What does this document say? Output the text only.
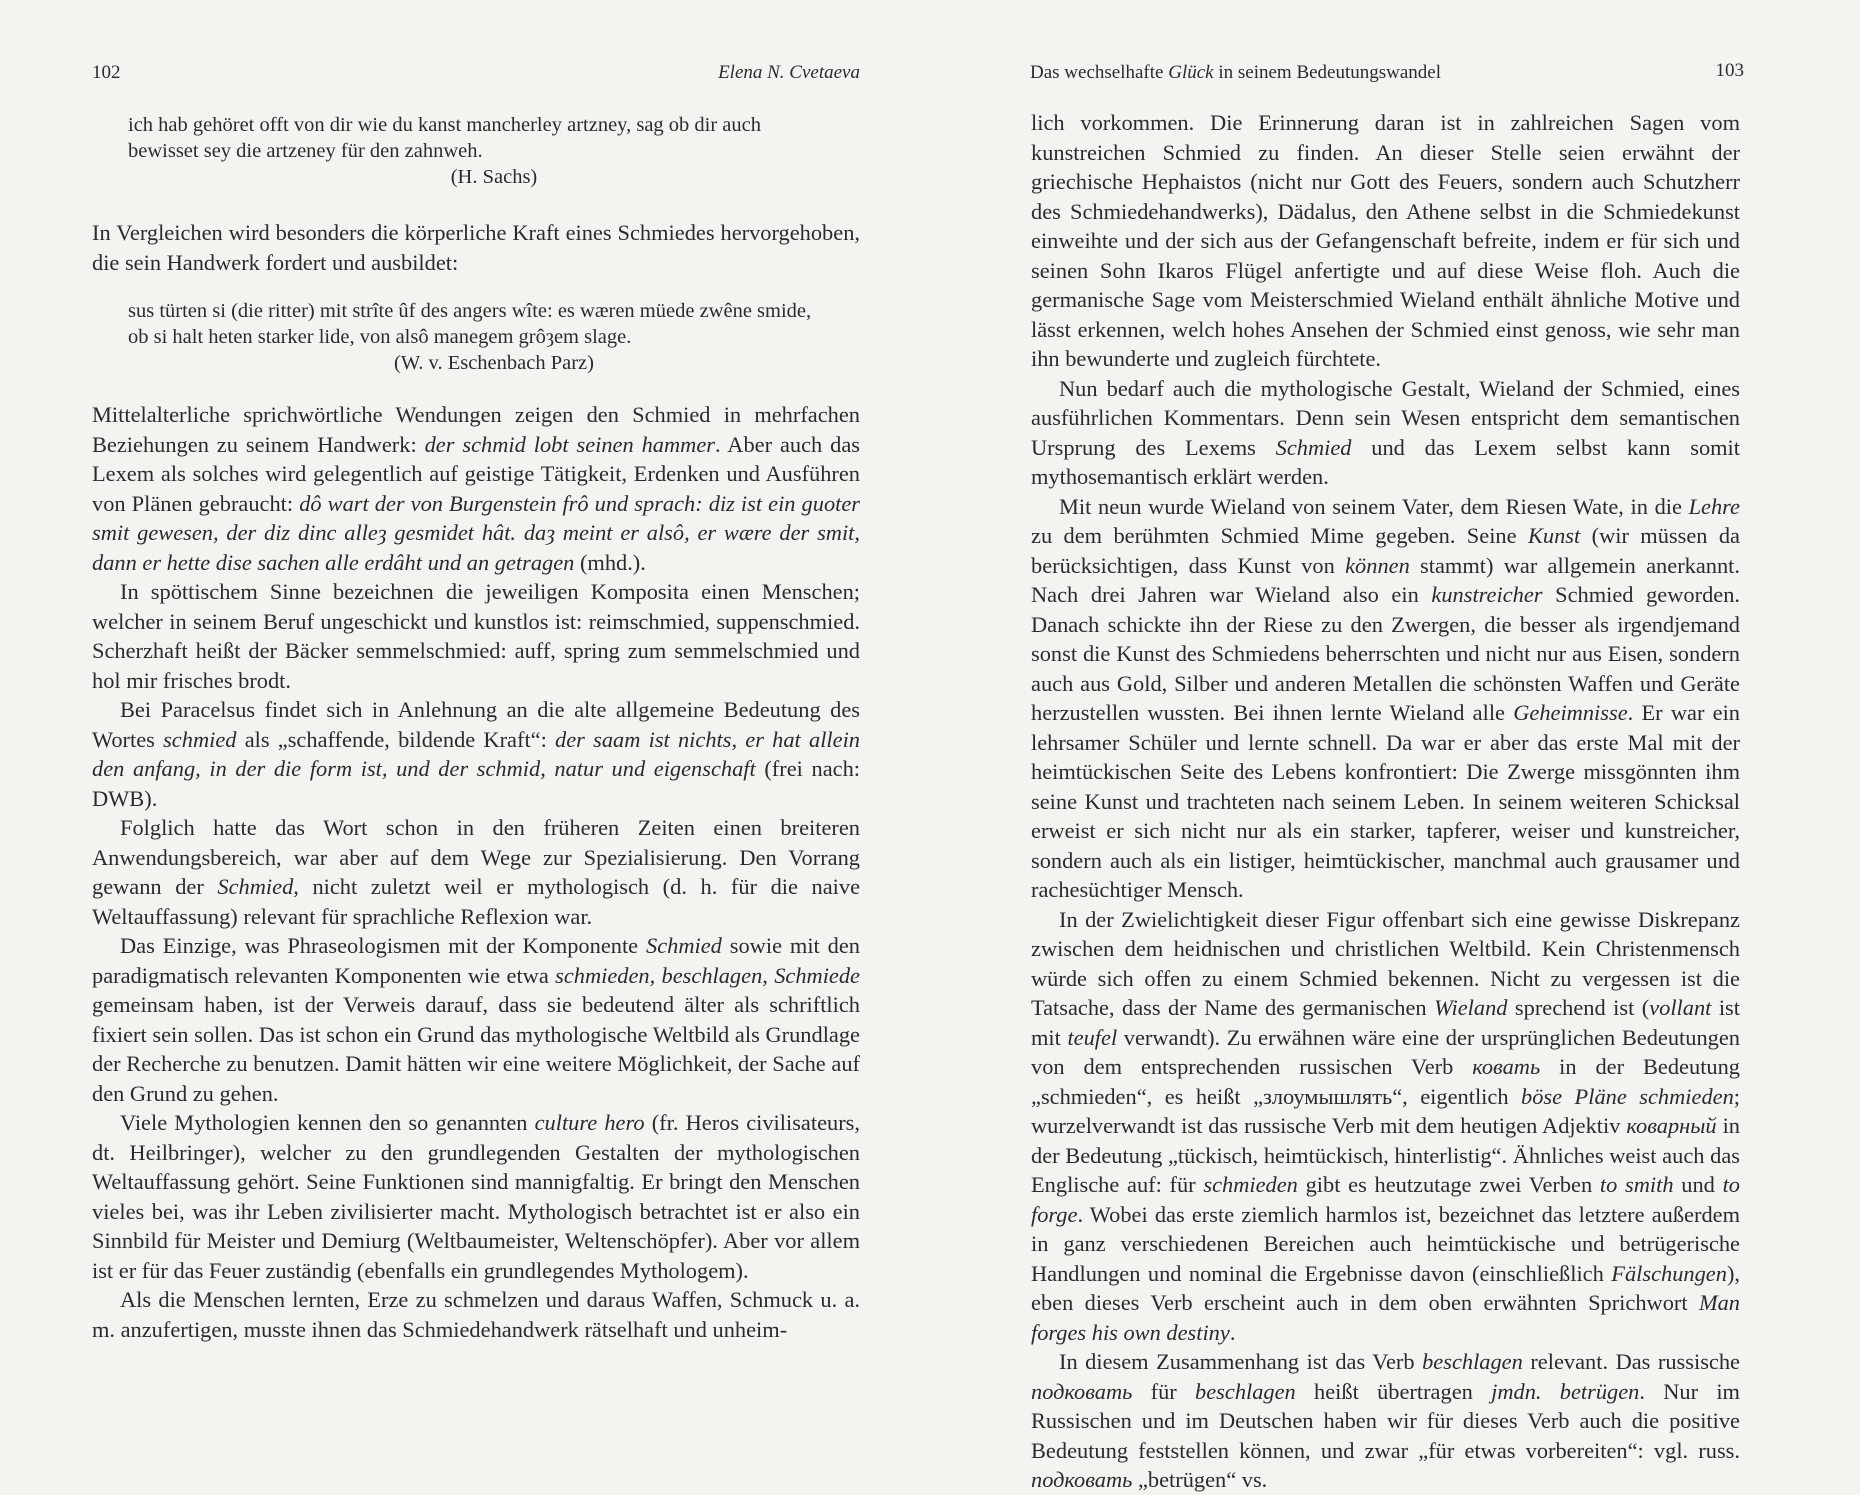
102	Elena N. Cvetaeva
ich hab gehöret offt von dir wie du kanst mancherley artzney, sag ob dir auch
bewisset sey die artzeney für den zahnweh.
(H. Sachs)

In Vergleichen wird besonders die körperliche Kraft eines Schmiedes hervorgehoben, die sein Handwerk fordert und ausbildet:

sus türten si (die ritter) mit strîte ûf des angers wîte: es wæren müede zwêne smide,
ob si halt heten starker lide, von alsô manegem grôȝem slage.
(W. v. Eschenbach Parz)

Mittelalterliche sprichwörtliche Wendungen zeigen den Schmied in mehrfachen Beziehungen zu seinem Handwerk: der schmid lobt seinen hammer. Aber auch das Lexem als solches wird gelegentlich auf geistige Tätigkeit, Erdenken und Ausführen von Plänen gebraucht: dô wart der von Burgenstein frô und sprach: diz ist ein guoter smit gewesen, der diz dinc alleȝ gesmidet hât. daȝ meint er alsô, er wære der smit, dann er hette dise sachen alle erdâht und an getragen (mhd.).

In spöttischem Sinne bezeichnen die jeweiligen Komposita einen Menschen; welcher in seinem Beruf ungeschickt und kunstlos ist: reimschmied, suppenschmied. Scherzhaft heißt der Bäcker semmelschmied: auff, spring zum semmelschmied und hol mir frisches brodt.

Bei Paracelsus findet sich in Anlehnung an die alte allgemeine Bedeutung des Wortes schmied als „schaffende, bildende Kraft“: der saam ist nichts, er hat allein den anfang, in der die form ist, und der schmid, natur und eigenschaft (frei nach: DWB).

Folglich hatte das Wort schon in den früheren Zeiten einen breiteren Anwendungsbereich, war aber auf dem Wege zur Spezialisierung. Den Vorrang gewann der Schmied, nicht zuletzt weil er mythologisch (d. h. für die naive Weltauffassung) relevant für sprachliche Reflexion war.

Das Einzige, was Phraseologismen mit der Komponente Schmied sowie mit den paradigmatisch relevanten Komponenten wie etwa schmieden, beschlagen, Schmiede gemeinsam haben, ist der Verweis darauf, dass sie bedeutend älter als schriftlich fixiert sein sollen. Das ist schon ein Grund das mythologische Weltbild als Grundlage der Recherche zu benutzen. Damit hätten wir eine weitere Möglichkeit, der Sache auf den Grund zu gehen.

Viele Mythologien kennen den so genannten culture hero (fr. Heros civilisateurs, dt. Heilbringer), welcher zu den grundlegenden Gestalten der mythologischen Weltauffassung gehört. Seine Funktionen sind mannigfaltig. Er bringt den Menschen vieles bei, was ihr Leben zivilisierter macht. Mythologisch betrachtet ist er also ein Sinnbild für Meister und Demiurg (Weltbaumeister, Weltenschöpfer). Aber vor allem ist er für das Feuer zuständig (ebenfalls ein grundlegendes Mythologem).

Als die Menschen lernten, Erze zu schmelzen und daraus Waffen, Schmuck u. a. m. anzufertigen, musste ihnen das Schmiedehandwerk rätselhaft und unheim-

Das wechselhafte Glück in seinem Bedeutungswandel	103

lich vorkommen. Die Erinnerung daran ist in zahlreichen Sagen vom kunstreichen Schmied zu finden. An dieser Stelle seien erwähnt der griechische Hephaistos (nicht nur Gott des Feuers, sondern auch Schutzherr des Schmiedehandwerks), Dädalus, den Athene selbst in die Schmiedekunst einweihte und der sich aus der Gefangenschaft befreite, indem er für sich und seinen Sohn Ikaros Flügel anfertigte und auf diese Weise floh. Auch die germanische Sage vom Meisterschmied Wieland enthält ähnliche Motive und lässt erkennen, welch hohes Ansehen der Schmied einst genoss, wie sehr man ihn bewunderte und zugleich fürchtete.

Nun bedarf auch die mythologische Gestalt, Wieland der Schmied, eines ausführlichen Kommentars. Denn sein Wesen entspricht dem semantischen Ursprung des Lexems Schmied und das Lexem selbst kann somit mythosemantisch erklärt werden.

Mit neun wurde Wieland von seinem Vater, dem Riesen Wate, in die Lehre zu dem berühmten Schmied Mime gegeben. Seine Kunst (wir müssen da berücksichtigen, dass Kunst von können stammt) war allgemein anerkannt. Nach drei Jahren war Wieland also ein kunstreicher Schmied geworden. Danach schickte ihn der Riese zu den Zwergen, die besser als irgendjemand sonst die Kunst des Schmiedens beherrschten und nicht nur aus Eisen, sondern auch aus Gold, Silber und anderen Metallen die schönsten Waffen und Geräte herzustellen wussten. Bei ihnen lernte Wieland alle Geheimnisse. Er war ein lehrsamer Schüler und lernte schnell. Da war er aber das erste Mal mit der heimtückischen Seite des Lebens konfrontiert: Die Zwerge missgönnten ihm seine Kunst und trachteten nach seinem Leben. In seinem weiteren Schicksal erweist er sich nicht nur als ein starker, tapferer, weiser und kunstreicher, sondern auch als ein listiger, heimtückischer, manchmal auch grausamer und rachesüchtiger Mensch.

In der Zwielichtigkeit dieser Figur offenbart sich eine gewisse Diskrepanz zwischen dem heidnischen und christlichen Weltbild. Kein Christenmensch würde sich offen zu einem Schmied bekennen. Nicht zu vergessen ist die Tatsache, dass der Name des germanischen Wieland sprechend ist (vollant ist mit teufel verwandt). Zu erwähnen wäre eine der ursprünglichen Bedeutungen von dem entsprechenden russischen Verb ковать in der Bedeutung „schmieden“, es heißt „злоумышлять“, eigentlich böse Pläne schmieden; wurzelverwandt ist das russische Verb mit dem heutigen Adjektiv коварный in der Bedeutung „tückisch, heimtückisch, hinterlistig“. Ähnliches weist auch das Englische auf: für schmieden gibt es heutzutage zwei Verben to smith und to forge. Wobei das erste ziemlich harmlos ist, bezeichnet das letztere außerdem in ganz verschiedenen Bereichen auch heimtückische und betrügerische Handlungen und nominal die Ergebnisse davon (einschließlich Fälschungen), eben dieses Verb erscheint auch in dem oben erwähnten Sprichwort Man forges his own destiny.

In diesem Zusammenhang ist das Verb beschlagen relevant. Das russische подковать für beschlagen heißt übertragen jmdn. betrügen. Nur im Russischen und im Deutschen haben wir für dieses Verb auch die positive Bedeutung feststellen können, und zwar „für etwas vorbereiten“: vgl. russ. подковать „betrügen“ vs.
